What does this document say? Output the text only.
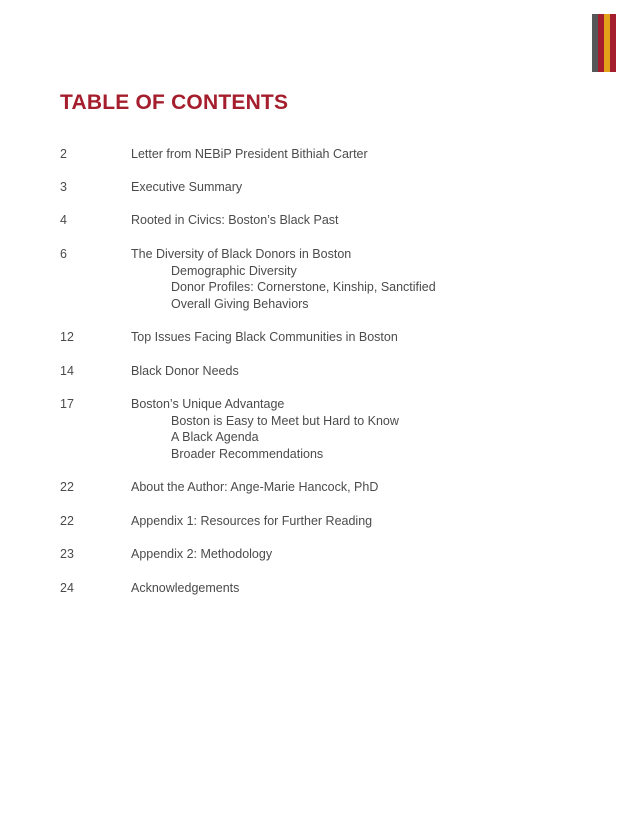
TABLE OF CONTENTS
2	Letter from NEBiP President Bithiah Carter
3	Executive Summary
4	Rooted in Civics: Boston’s Black Past
6	The Diversity of Black Donors in Boston
Demographic Diversity
Donor Profiles: Cornerstone, Kinship, Sanctified
Overall Giving Behaviors
12	Top Issues Facing Black Communities in Boston
14	Black Donor Needs
17	Boston’s Unique Advantage
Boston is Easy to Meet but Hard to Know
A Black Agenda
Broader Recommendations
22	About the Author: Ange-Marie Hancock, PhD
22	Appendix 1: Resources for Further Reading
23	Appendix 2: Methodology
24	Acknowledgements
